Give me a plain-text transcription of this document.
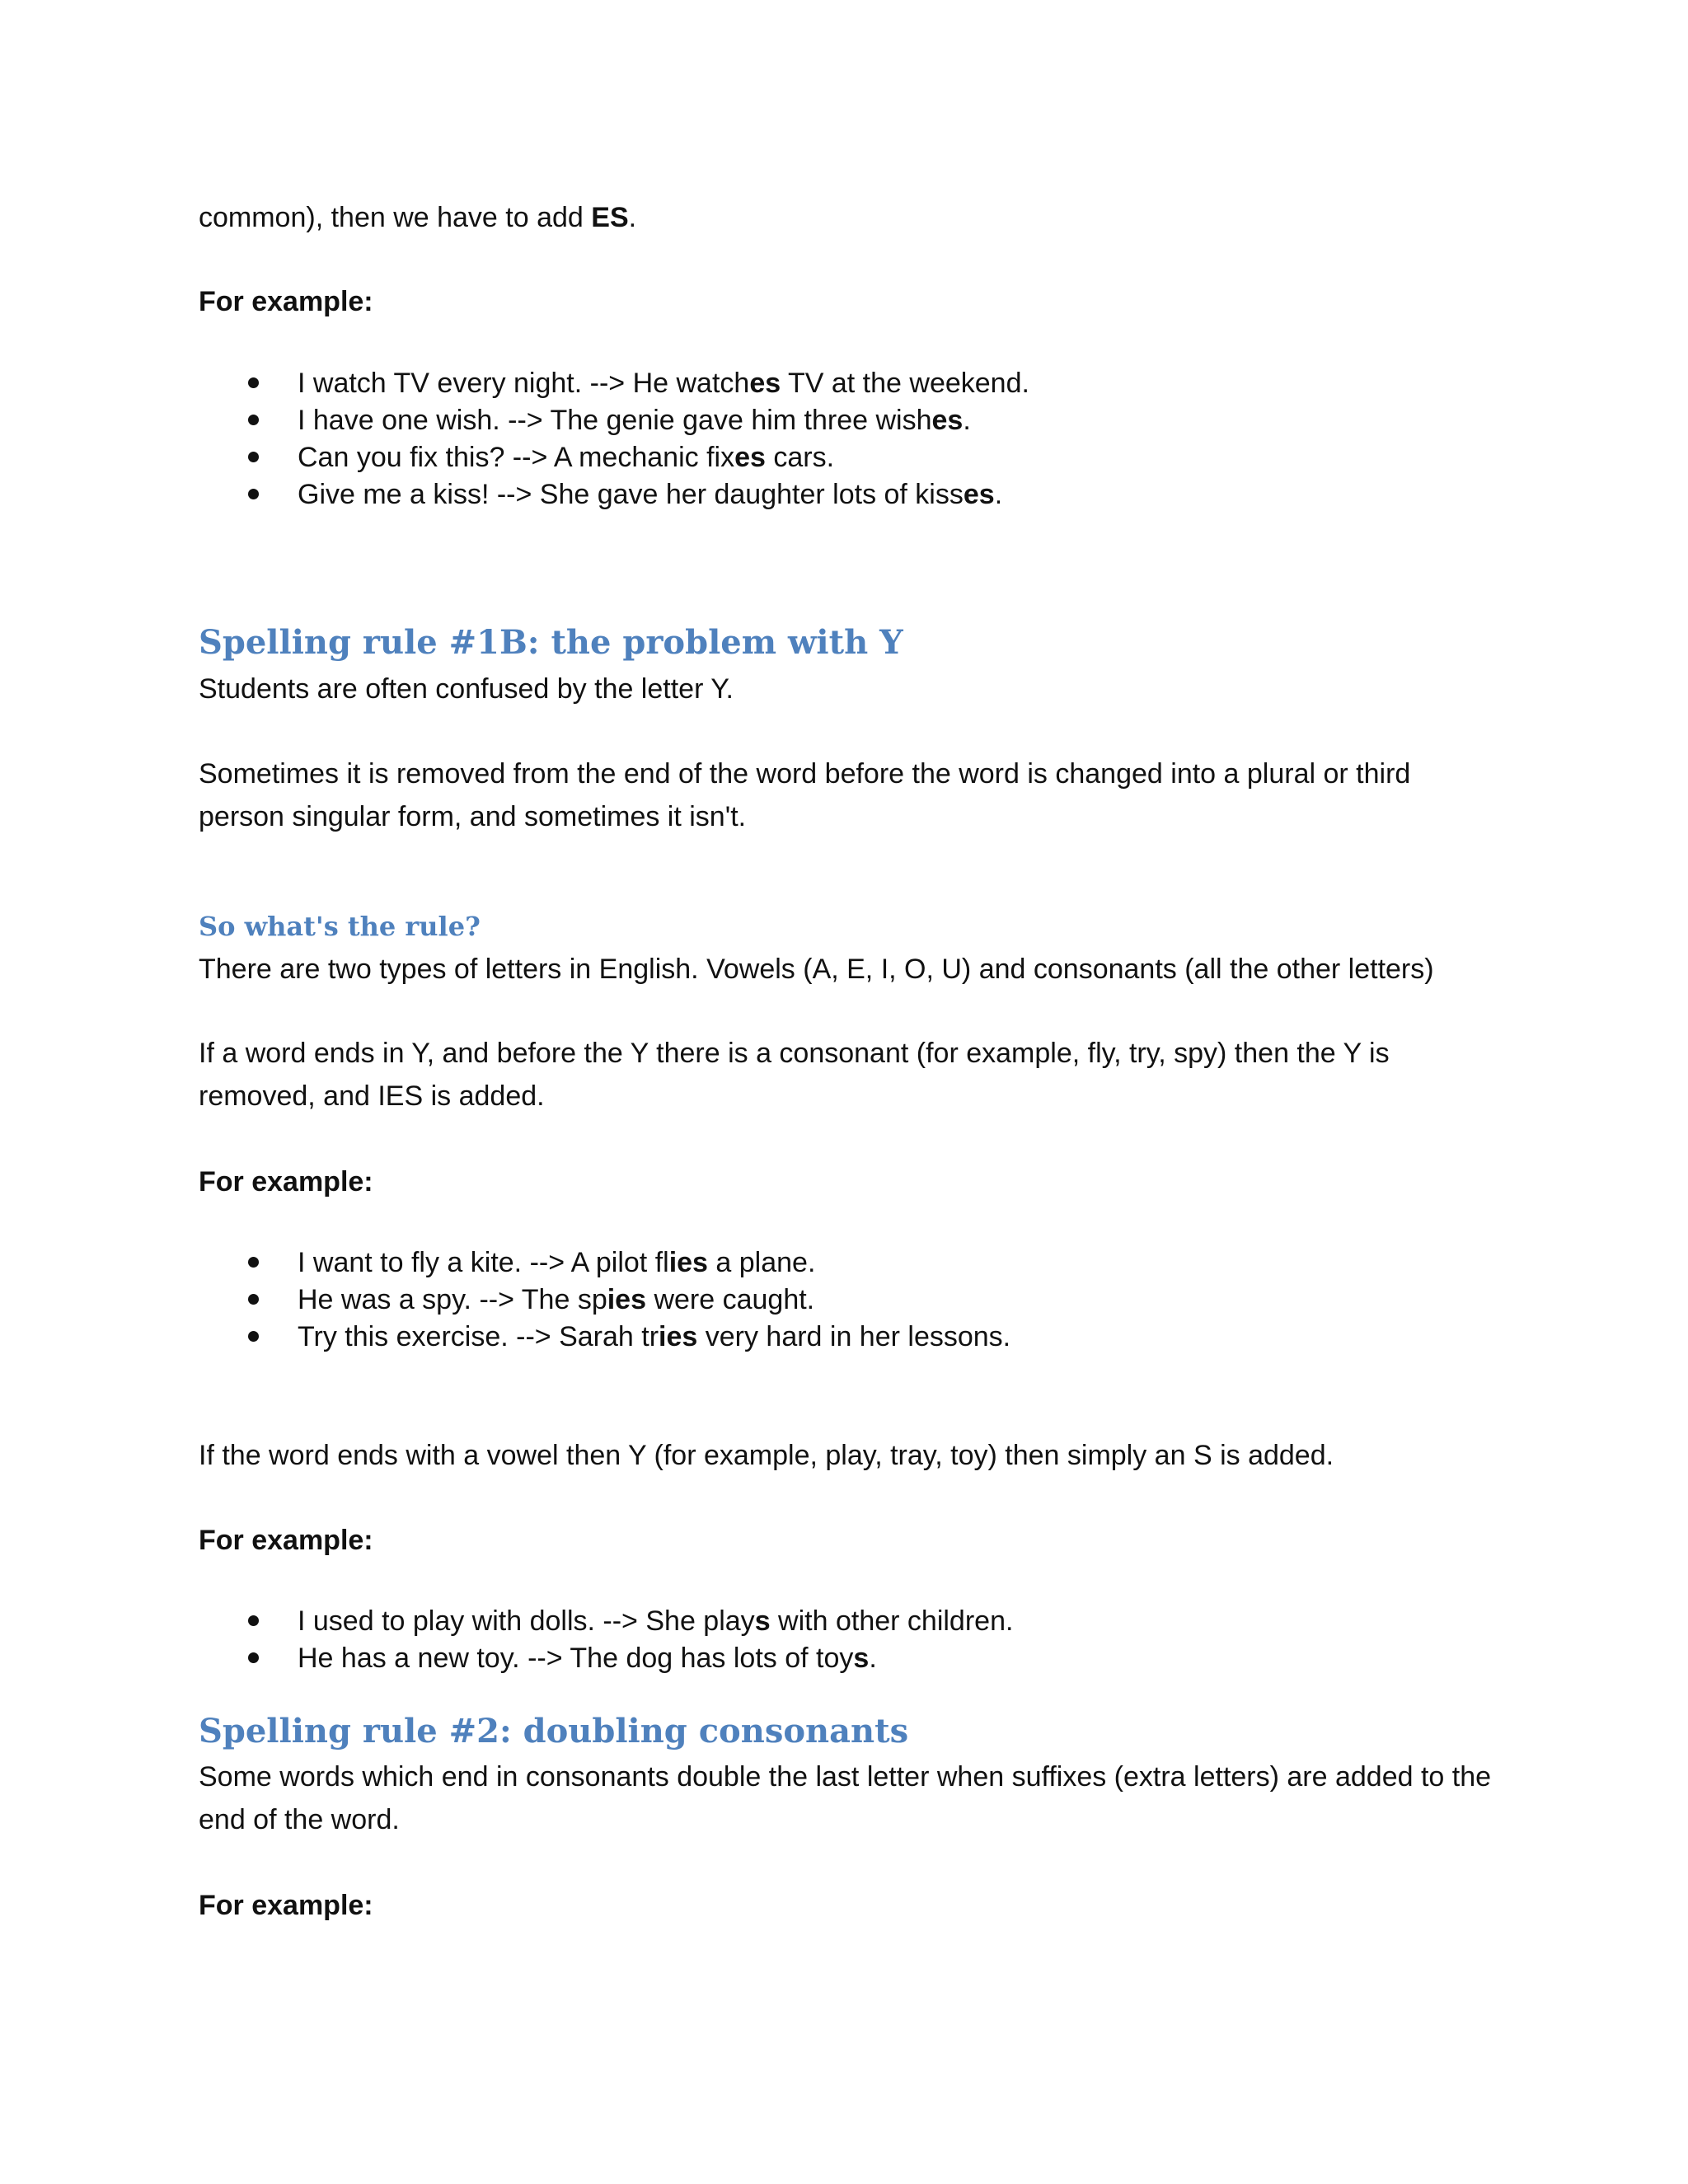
common), then we have to add ES.

For example:

I watch TV every night. --> He watches TV at the weekend.
I have one wish. --> The genie gave him three wishes.
Can you fix this? --> A mechanic fixes cars.
Give me a kiss! --> She gave her daughter lots of kisses.
Spelling rule #1B: the problem with Y

Students are often confused by the letter Y.

Sometimes it is removed from the end of the word before the word is changed into a plural or third person singular form, and sometimes it isn't.

So what's the rule?

There are two types of letters in English. Vowels (A, E, I, O, U) and consonants (all the other letters)

If a word ends in Y, and before the Y there is a consonant (for example, fly, try, spy) then the Y is removed, and IES is added.

For example:

I want to fly a kite. --> A pilot flies a plane.
He was a spy. --> The spies were caught.
Try this exercise. --> Sarah tries very hard in her lessons.

If the word ends with a vowel then Y (for example, play, tray, toy) then simply an S is added.

For example:

I used to play with dolls. --> She plays with other children.
He has a new toy. --> The dog has lots of toys.
Spelling rule #2: doubling consonants

Some words which end in consonants double the last letter when suffixes (extra letters) are added to the end of the word.

For example:
